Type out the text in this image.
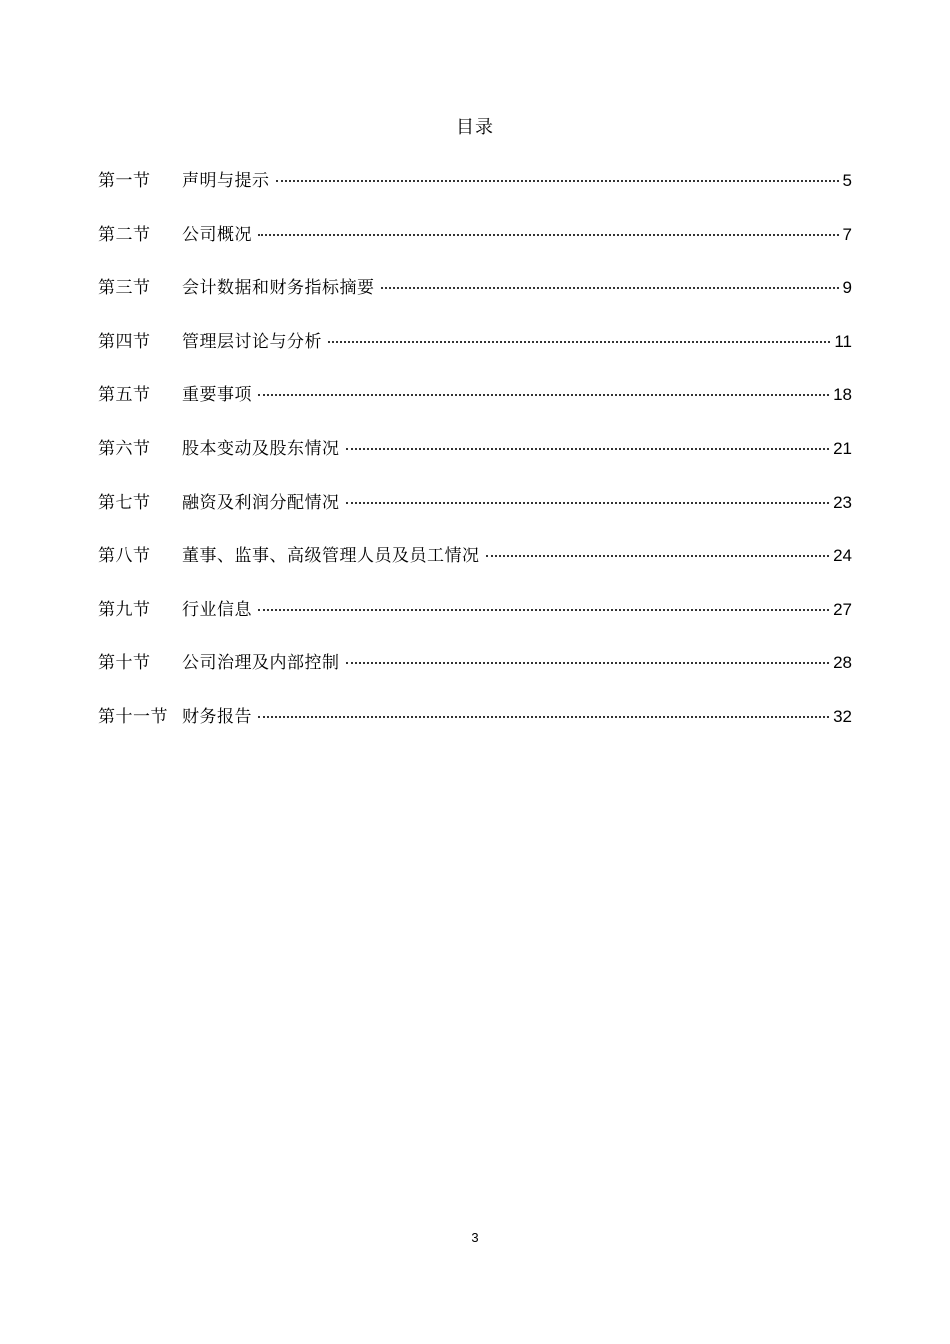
目录
第一节	声明与提示	5
第二节	公司概况	7
第三节	会计数据和财务指标摘要	9
第四节	管理层讨论与分析	11
第五节	重要事项	18
第六节	股本变动及股东情况	21
第七节	融资及利润分配情况	23
第八节	董事、监事、高级管理人员及员工情况	24
第九节	行业信息	27
第十节	公司治理及内部控制	28
第十一节 财务报告	32
3
